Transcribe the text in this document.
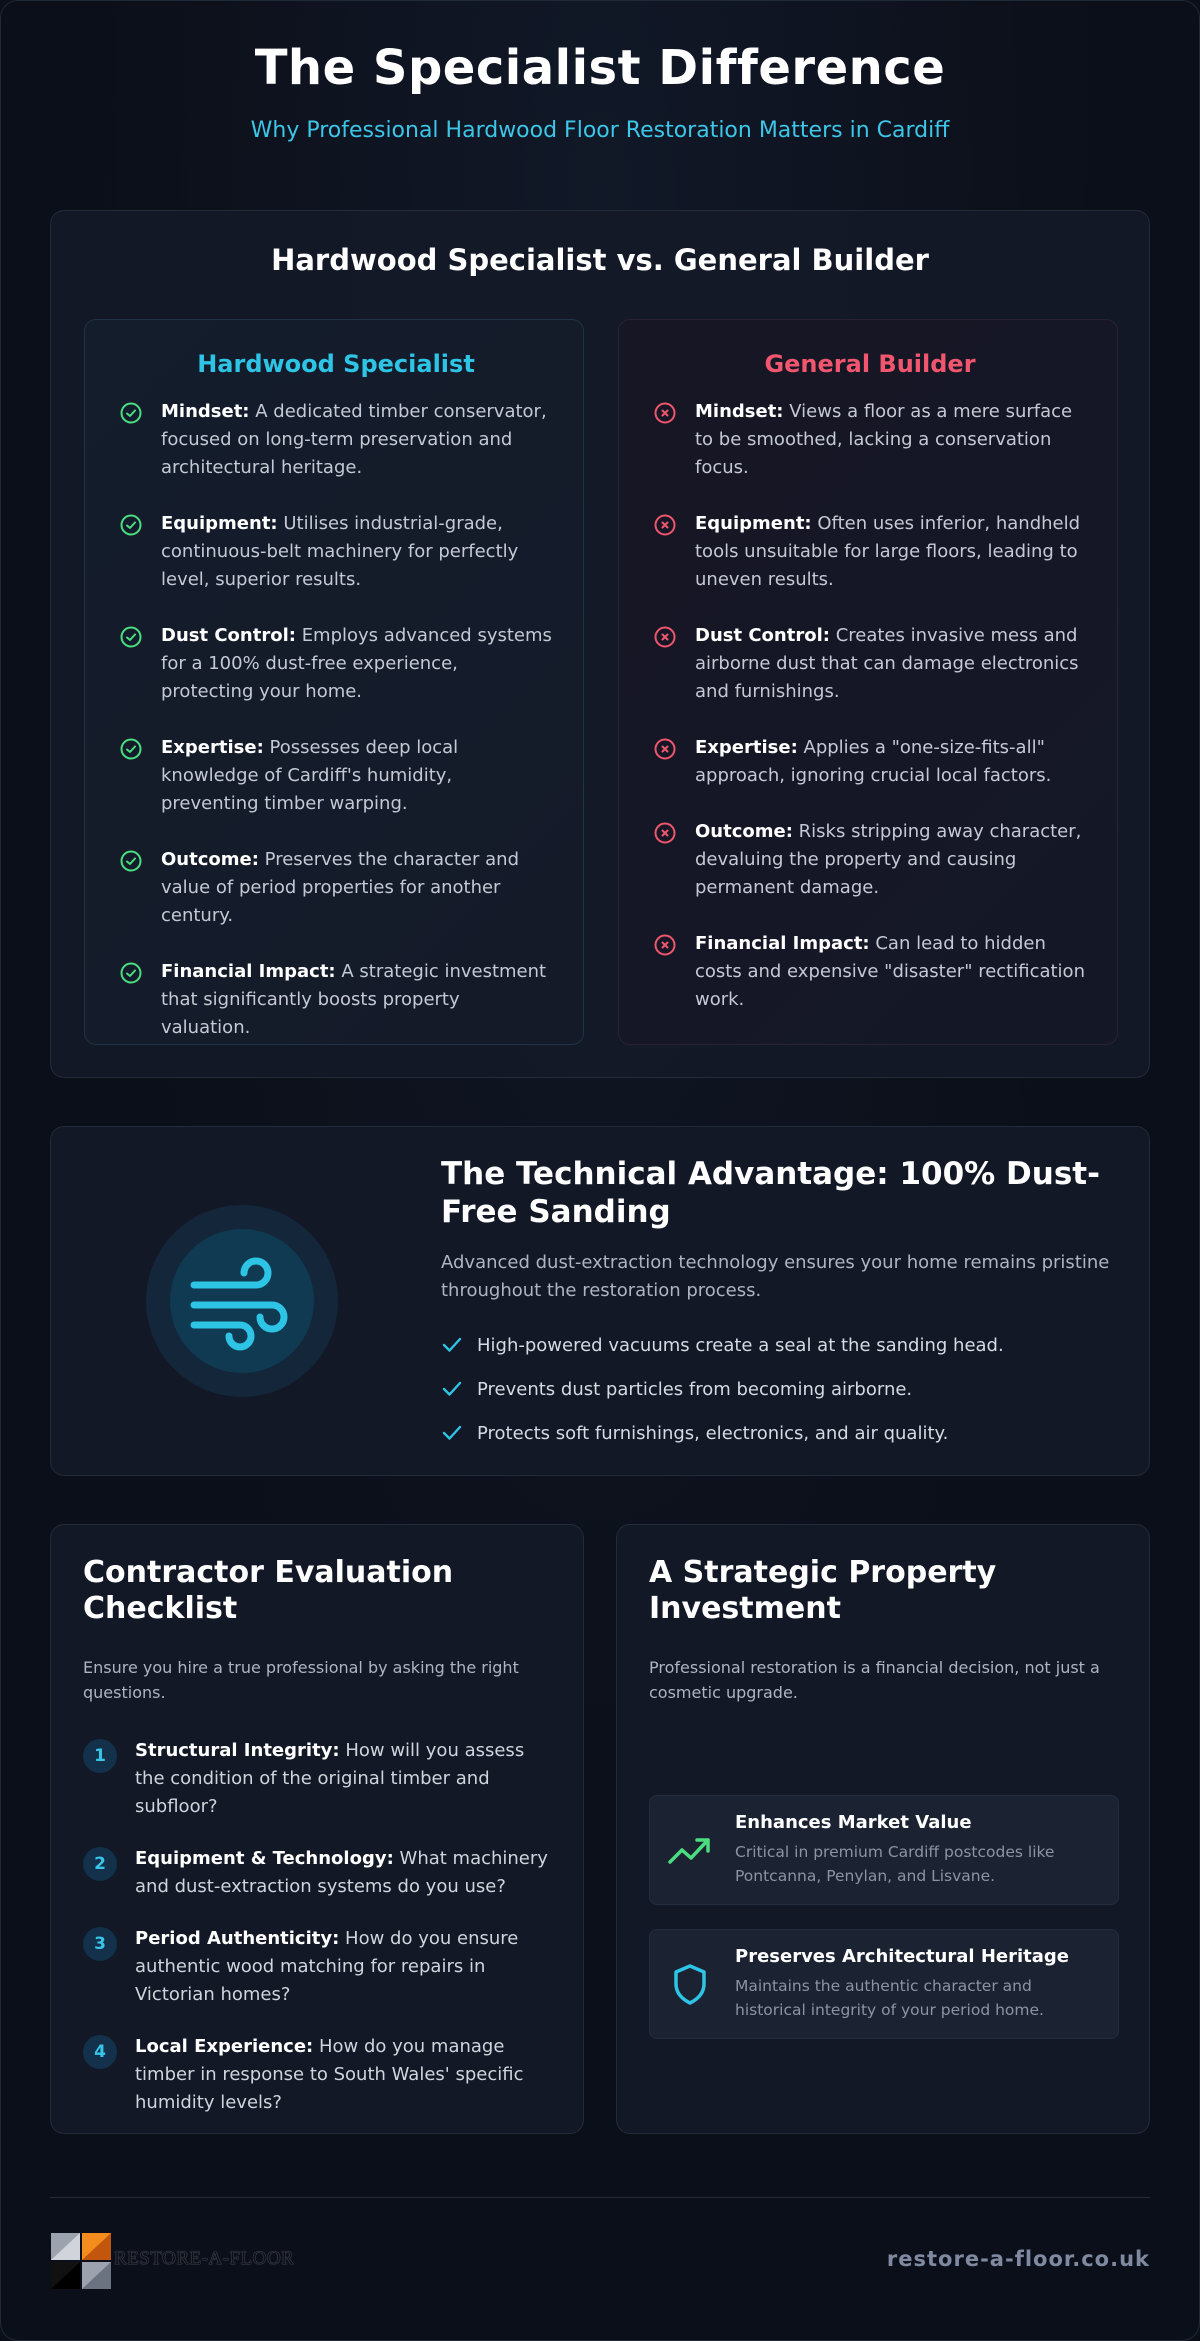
The Specialist Difference
Why Professional Hardwood Floor Restoration Matters in Cardiff
Hardwood Specialist vs. General Builder
Hardwood Specialist
Mindset: A dedicated timber conservator, focused on long-term preservation and architectural heritage.
Equipment: Utilises industrial-grade, continuous-belt machinery for perfectly level, superior results.
Dust Control: Employs advanced systems for a 100% dust-free experience, protecting your home.
Expertise: Possesses deep local knowledge of Cardiff's humidity, preventing timber warping.
Outcome: Preserves the character and value of period properties for another century.
Financial Impact: A strategic investment that significantly boosts property valuation.
General Builder
Mindset: Views a floor as a mere surface to be smoothed, lacking a conservation focus.
Equipment: Often uses inferior, handheld tools unsuitable for large floors, leading to uneven results.
Dust Control: Creates invasive mess and airborne dust that can damage electronics and furnishings.
Expertise: Applies a "one-size-fits-all" approach, ignoring crucial local factors.
Outcome: Risks stripping away character, devaluing the property and causing permanent damage.
Financial Impact: Can lead to hidden costs and expensive "disaster" rectification work.
The Technical Advantage: 100% Dust-Free Sanding
Advanced dust-extraction technology ensures your home remains pristine throughout the restoration process.
High-powered vacuums create a seal at the sanding head.
Prevents dust particles from becoming airborne.
Protects soft furnishings, electronics, and air quality.
Contractor Evaluation Checklist
Ensure you hire a true professional by asking the right questions.
1	Structural Integrity: How will you assess the condition of the original timber and subfloor?
2	Equipment & Technology: What machinery and dust-extraction systems do you use?
3	Period Authenticity: How do you ensure authentic wood matching for repairs in Victorian homes?
4	Local Experience: How do you manage timber in response to South Wales' specific humidity levels?
A Strategic Property Investment
Professional restoration is a financial decision, not just a cosmetic upgrade.
Enhances Market Value
Critical in premium Cardiff postcodes like Pontcanna, Penylan, and Lisvane.
Preserves Architectural Heritage
Maintains the authentic character and historical integrity of your period home.
RESTORE-A-FLOOR	restore-a-floor.co.uk
